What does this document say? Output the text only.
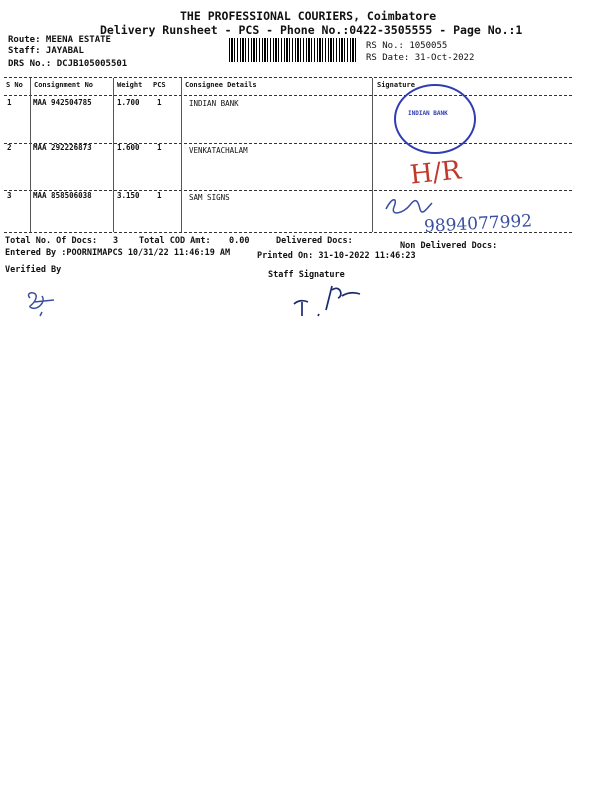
THE PROFESSIONAL COURIERS, Coimbatore
Delivery Runsheet - PCS - Phone No.:0422-3505555 - Page No.:1
Route: MEENA ESTATE
Staff: JAYABAL
DRS No.: DCJB105005501
RS No.: 1050055
RS Date: 31-Oct-2022
S No Consignment No	Weight PCS	Consignee Details	Signature
1	MAA 942504785	1.700 1	INDIAN BANK
2	MAA 292226873	1.600 1	VENKATACHALAM
3	MAA 858506038	3.150 1	SAM SIGNS
INDIAN BANK
H/R
9894077992
Total No. Of Docs: 3 Total COD Amt: 0.00	Delivered Docs:	Non Delivered Docs:
Entered By :POORNIMAPCS 10/31/22 11:46:19 AM	Printed On: 31-10-2022 11:46:23
Verified By	Staff Signature
